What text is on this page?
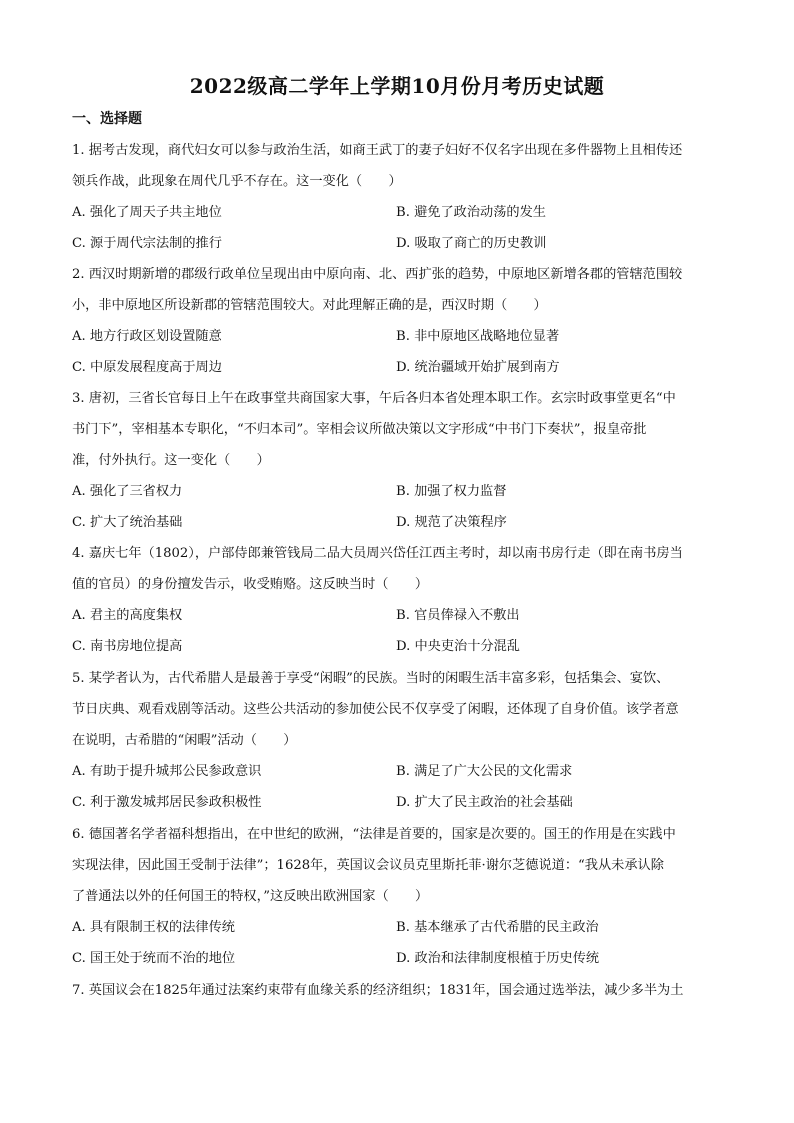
2022级高二学年上学期10月份月考历史试题
一、选择题
1. 据考古发现，商代妇女可以参与政治生活，如商王武丁的妻子妇好不仅名字出现在多件器物上且相传还
领兵作战，此现象在周代几乎不存在。这一变化（　　）
A. 强化了周天子共主地位	B. 避免了政治动荡的发生
C. 源于周代宗法制的推行	D. 吸取了商亡的历史教训
2. 西汉时期新增的郡级行政单位呈现出由中原向南、北、西扩张的趋势，中原地区新增各郡的管辖范围较
小，非中原地区所设新郡的管辖范围较大。对此理解正确的是，西汉时期（　　）
A. 地方行政区划设置随意	B. 非中原地区战略地位显著
C. 中原发展程度高于周边	D. 统治疆域开始扩展到南方
3. 唐初，三省长官每日上午在政事堂共商国家大事，午后各归本省处理本职工作。玄宗时政事堂更名“中
书门下”，宰相基本专职化，“不归本司”。宰相会议所做决策以文字形成“中书门下奏状”，报皇帝批
准，付外执行。这一变化（　　）
A. 强化了三省权力	B. 加强了权力监督
C. 扩大了统治基础	D. 规范了决策程序
4. 嘉庆七年（1802），户部侍郎兼管钱局二品大员周兴岱任江西主考时，却以南书房行走（即在南书房当
值的官员）的身份擅发告示，收受贿赂。这反映当时（　　）
A. 君主的高度集权	B. 官员俸禄入不敷出
C. 南书房地位提高	D. 中央吏治十分混乱
5. 某学者认为，古代希腊人是最善于享受“闲暇”的民族。当时的闲暇生活丰富多彩，包括集会、宴饮、
节日庆典、观看戏剧等活动。这些公共活动的参加使公民不仅享受了闲暇，还体现了自身价值。该学者意
在说明，古希腊的“闲暇”活动（　　）
A. 有助于提升城邦公民参政意识	B. 满足了广大公民的文化需求
C. 利于激发城邦居民参政积极性	D. 扩大了民主政治的社会基础
6. 德国著名学者福科想指出，在中世纪的欧洲，“法律是首要的，国家是次要的。国王的作用是在实践中
实现法律，因此国王受制于法律”；1628年，英国议会议员克里斯托菲·谢尔芝德说道：“我从未承认除
了普通法以外的任何国王的特权，”这反映出欧洲国家（　　）
A. 具有限制王权的法律传统	B. 基本继承了古代希腊的民主政治
C. 国王处于统而不治的地位	D. 政治和法律制度根植于历史传统
7. 英国议会在1825年通过法案约束带有血缘关系的经济组织；1831年，国会通过选举法，减少多半为土
